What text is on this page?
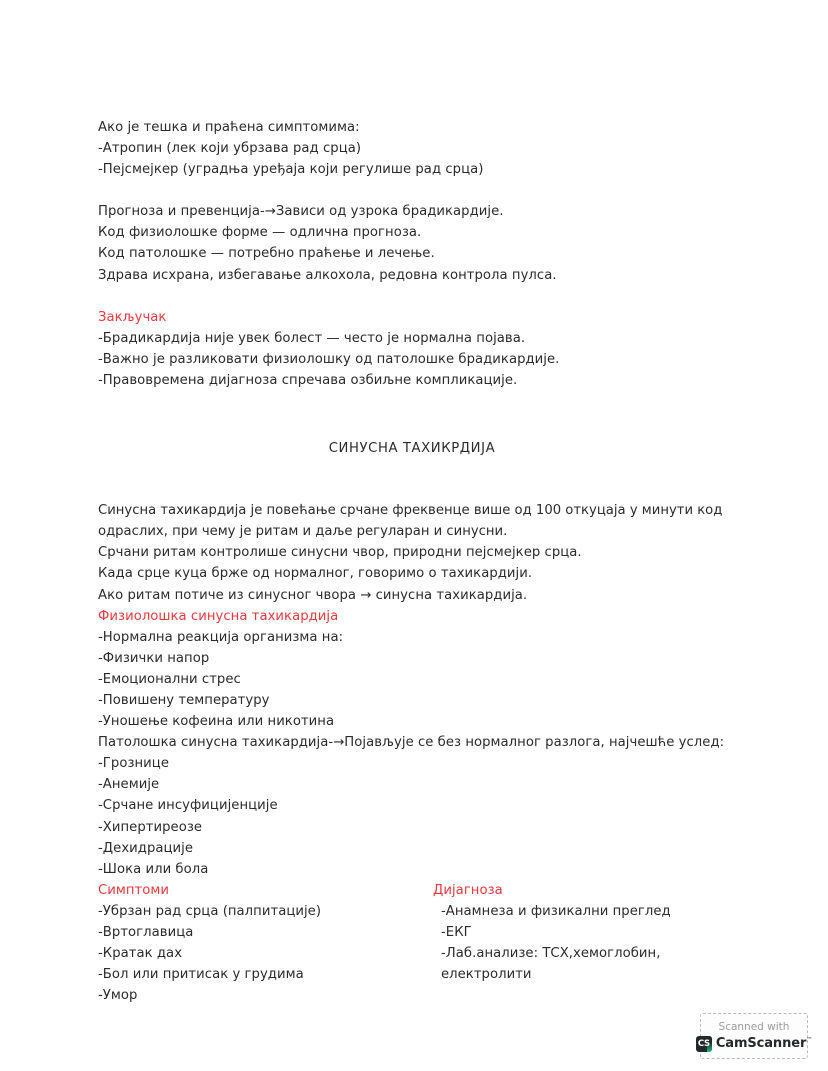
Ако је тешка и праћена симптомима:
-Атропин (лек који убрзава рад срца)
-Пејсмејкер (уградња уређаја који регулише рад срца)
Прогноза и превенција-→Зависи од узрока брадикардије.
Код физиолошке форме — одлична прогноза.
Код патолошке — потребно праћење и лечење.
Здрава исхрана, избегавање алкохола, редовна контрола пулса.
Закључак
-Брадикардија није увек болест — често је нормална појава.
-Важно је разликовати физиолошку од патолошке брадикардије.
-Правовремена дијагноза спречава озбиљне компликације.
СИНУСНА ТАХИКРДИЈА
Синусна тахикардија је повећање срчане фреквенце више од 100 откуцаја у минути код одраслих, при чему је ритам и даље регуларан и синусни.
Срчани ритам контролише синусни чвор, природни пејсмејкер срца.
Када срце куца брже од нормалног, говоримо о тахикардији.
Ако ритам потиче из синусног чвора → синусна тахикардија.
Физиолошка синусна тахикардија
-Нормална реакција организма на:
-Физички напор
-Емоционални стрес
-Повишену температуру
-Уношење кофеина или никотина
Патолошка синусна тахикардија-→Појављује се без нормалног разлога, најчешће услед:
-Грознице
-Анемије
-Срчане инсуфицијенције
-Хипертиреозе
-Дехидрације
-Шока или бола
Симптоми
-Убрзан рад срца (палпитације)
-Вртоглавица
-Кратак дах
-Бол или притисак у грудима
-Умор
Дијагноза
-Анамнеза и физикални преглед
-ЕКГ
-Лаб.анализе: ТСХ,хемоглобин, електролити
Scanned with
CS CamScanner™
